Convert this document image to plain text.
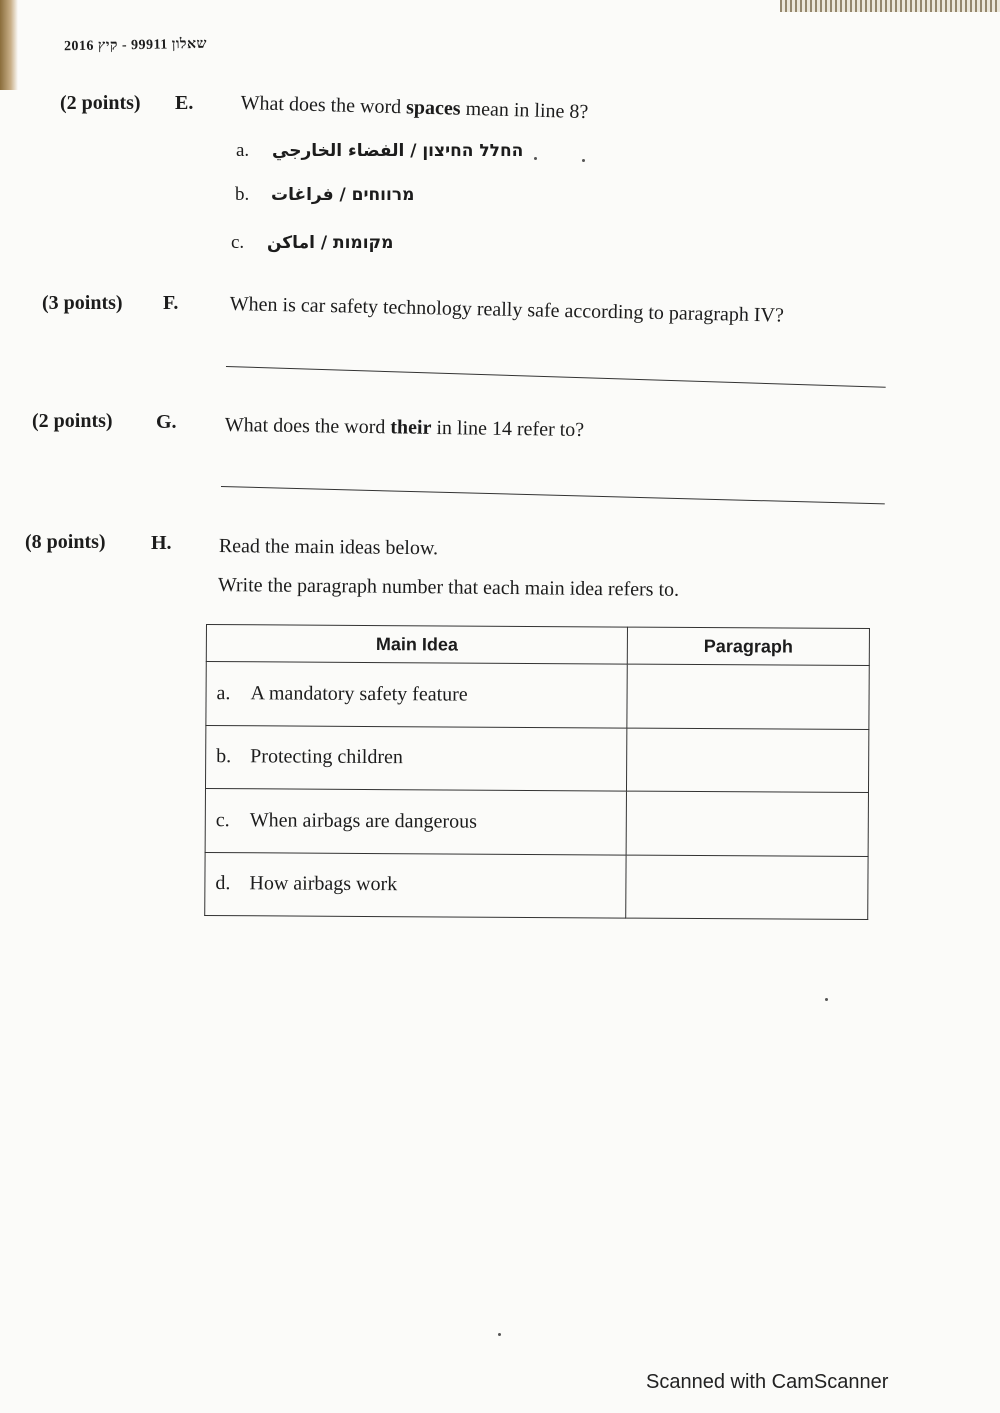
שאלון 99911 - קיץ 2016
(2 points) E. What does the word spaces mean in line 8?
a. החלל החיצון / الفضاء الخارجي
b. מרווחים / فراغات
c. מקומות / اماكن
(3 points) F.	When is car safety technology really safe according to paragraph IV?
(2 points) G. What does the word their in line 14 refer to?
(8 points) H. Read the main ideas below.
Write the paragraph number that each main idea refers to.
Main Idea	Paragraph
a. A mandatory safety feature	
b. Protecting children	
c. When airbags are dangerous	
d. How airbags work	
Scanned with CamScanner
